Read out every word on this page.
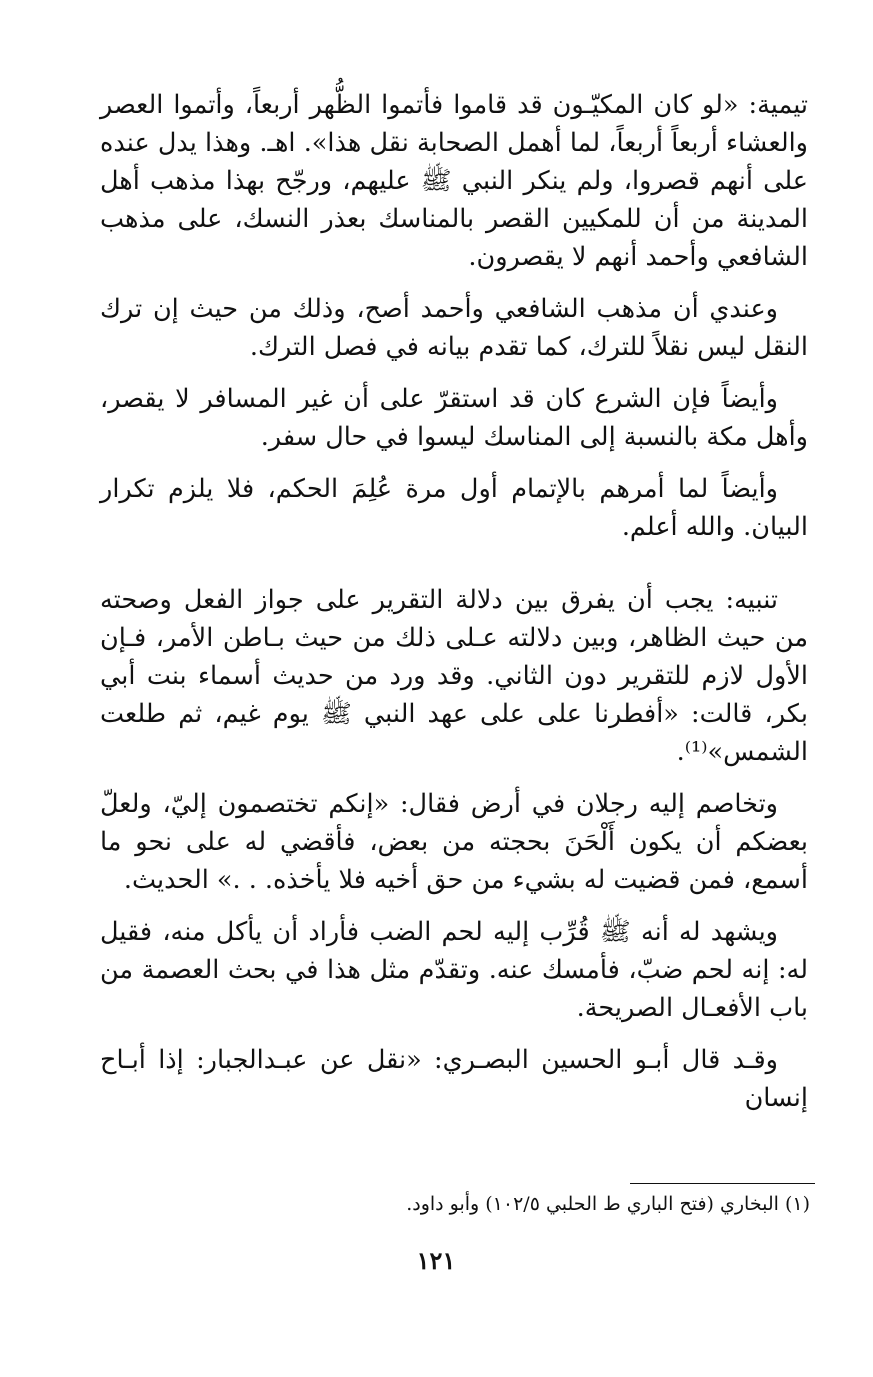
تيمية: «لو كان المكيّـون قد قاموا فأتموا الظُّهر أربعاً، وأتموا العصر والعشاء أربعاً أربعاً، لما أهمل الصحابة نقل هذا». اهـ. وهذا يدل عنده على أنهم قصروا، ولم ينكر النبي ﷺ عليهم، ورجّح بهذا مذهب أهل المدينة من أن للمكيين القصر بالمناسك بعذر النسك، على مذهب الشافعي وأحمد أنهم لا يقصرون.

وعندي أن مذهب الشافعي وأحمد أصح، وذلك من حيث إن ترك النقل ليس نقلاً للترك، كما تقدم بيانه في فصل الترك.

وأيضاً فإن الشرع كان قد استقرّ على أن غير المسافر لا يقصر، وأهل مكة بالنسبة إلى المناسك ليسوا في حال سفر.

وأيضاً لما أمرهم بالإتمام أول مرة عُلِمَ الحكم، فلا يلزم تكرار البيان. والله أعلم.

تنبيه: يجب أن يفرق بين دلالة التقرير على جواز الفعل وصحته من حيث الظاهر، وبين دلالته عـلى ذلك من حيث بـاطن الأمر، فـإن الأول لازم للتقرير دون الثاني. وقد ورد من حديث أسماء بنت أبي بكر، قالت: «أفطرنا على على عهد النبي ﷺ يوم غيم، ثم طلعت الشمس»⁽¹⁾.

وتخاصم إليه رجلان في أرض فقال: «إنكم تختصمون إليّ، ولعلّ بعضكم أن يكون أَلْحَنَ بحجته من بعض، فأقضي له على نحو ما أسمع، فمن قضيت له بشيء من حق أخيه فلا يأخذه. . .» الحديث.

ويشهد له أنه ﷺ قُرِّب إليه لحم الضب فأراد أن يأكل منه، فقيل له: إنه لحم ضبّ، فأمسك عنه. وتقدّم مثل هذا في بحث العصمة من باب الأفعـال الصريحة.

وقـد قال أبـو الحسين البصـري: «نقل عن عبـدالجبار: إذا أبـاح إنسان

(١) البخاري (فتح الباري ط الحلبي ١٠٢/٥) وأبو داود.
١٢١
